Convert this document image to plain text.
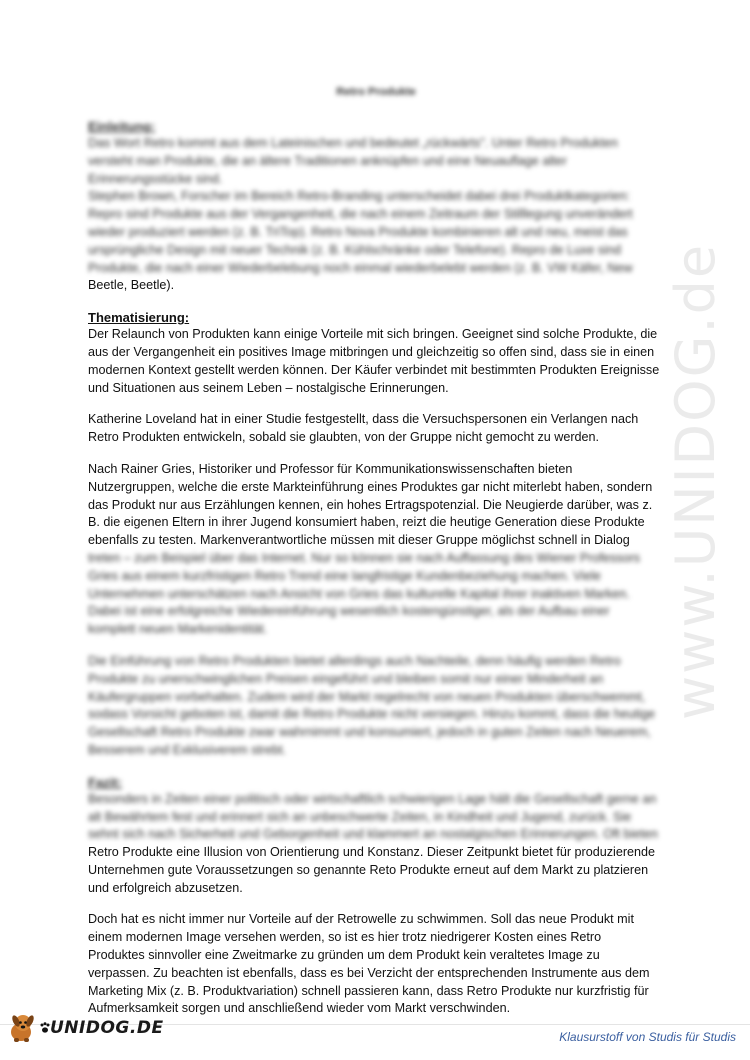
www.UNIDOG.de

Retro Produkte

Einleitung:

Das Wort Retro kommt aus dem Lateinischen und bedeutet „rückwärts". Unter Retro Produkten
versteht man Produkte, die an ältere Traditionen anknüpfen und eine Neuauflage alter
Erinnerungsstücke sind.
Stephen Brown, Forscher im Bereich Retro-Branding unterscheidet dabei drei Produktkategorien:
Repro sind Produkte aus der Vergangenheit, die nach einem Zeitraum der Stilllegung unverändert
wieder produziert werden (z. B. TriTop). Retro Nova Produkte kombinieren alt und neu, meist das
ursprüngliche Design mit neuer Technik (z. B. Kühlschränke oder Telefone). Repro de Luxe sind
Produkte, die nach einer Wiederbelebung noch einmal wiederbelebt werden (z. B. VW Käfer, New
Beetle, Beetle).

Thematisierung:

Der Relaunch von Produkten kann einige Vorteile mit sich bringen. Geeignet sind solche Produkte, die
aus der Vergangenheit ein positives Image mitbringen und gleichzeitig so offen sind, dass sie in einen
modernen Kontext gestellt werden können. Der Käufer verbindet mit bestimmten Produkten Ereignisse
und Situationen aus seinem Leben – nostalgische Erinnerungen.

Katherine Loveland hat in einer Studie festgestellt, dass die Versuchspersonen ein Verlangen nach
Retro Produkten entwickeln, sobald sie glaubten, von der Gruppe nicht gemocht zu werden.

Nach Rainer Gries, Historiker und Professor für Kommunikationswissenschaften bieten
Nutzergruppen, welche die erste Markteinführung eines Produktes gar nicht miterlebt haben, sondern
das Produkt nur aus Erzählungen kennen, ein hohes Ertragspotenzial. Die Neugierde darüber, was z.
B. die eigenen Eltern in ihrer Jugend konsumiert haben, reizt die heutige Generation diese Produkte
ebenfalls zu testen. Markenverantwortliche müssen mit dieser Gruppe möglichst schnell in Dialog
treten – zum Beispiel über das Internet. Nur so können sie nach Auffassung des Wiener Professors
Gries aus einem kurzfristigen Retro Trend eine langfristige Kundenbeziehung machen. Viele
Unternehmen unterschätzen nach Ansicht von Gries das kulturelle Kapital ihrer inaktiven Marken.
Dabei ist eine erfolgreiche Wiedereinführung wesentlich kostengünstiger, als der Aufbau einer
komplett neuen Markenidentität.

Die Einführung von Retro Produkten bietet allerdings auch Nachteile, denn häufig werden Retro
Produkte zu unerschwinglichen Preisen eingeführt und bleiben somit nur einer Minderheit an
Käufergruppen vorbehalten. Zudem wird der Markt regelrecht von neuen Produkten überschwemmt,
sodass Vorsicht geboten ist, damit die Retro Produkte nicht versiegen. Hinzu kommt, dass die heutige
Gesellschaft Retro Produkte zwar wahrnimmt und konsumiert, jedoch in guten Zeiten nach Neuerem,
Besserem und Exklusiverem strebt.

Fazit:

Besonders in Zeiten einer politisch oder wirtschaftlich schwierigen Lage hält die Gesellschaft gerne an
alt Bewährtem fest und erinnert sich an unbeschwerte Zeiten, in Kindheit und Jugend, zurück. Sie
sehnt sich nach Sicherheit und Geborgenheit und klammert an nostalgischen Erinnerungen. Oft bieten
Retro Produkte eine Illusion von Orientierung und Konstanz. Dieser Zeitpunkt bietet für produzierende
Unternehmen gute Voraussetzungen so genannte Reto Produkte erneut auf dem Markt zu platzieren
und erfolgreich abzusetzen.

Doch hat es nicht immer nur Vorteile auf der Retrowelle zu schwimmen. Soll das neue Produkt mit
einem modernen Image versehen werden, so ist es hier trotz niedrigerer Kosten eines Retro
Produktes sinnvoller eine Zweitmarke zu gründen um dem Produkt kein veraltetes Image zu
verpassen. Zu beachten ist ebenfalls, dass es bei Verzicht der entsprechenden Instrumente aus dem
Marketing Mix (z. B. Produktvariation) schnell passieren kann, dass Retro Produkte nur kurzfristig für
Aufmerksamkeit sorgen und anschließend wieder vom Markt verschwinden.

UNIDOG.DE	Klausurstoff von Studis für Studis
